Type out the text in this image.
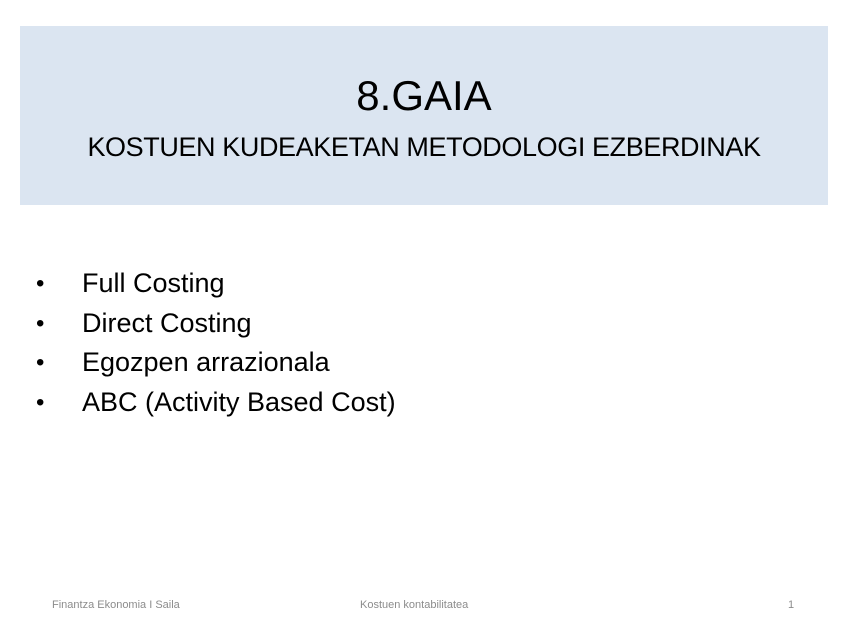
8.GAIA
KOSTUEN KUDEAKETAN METODOLOGI EZBERDINAK
•	Full Costing
•	Direct Costing
•	Egozpen arrazionala
•	ABC (Activity Based Cost)
Finantza Ekonomia I Saila	Kostuen kontabilitatea	1
